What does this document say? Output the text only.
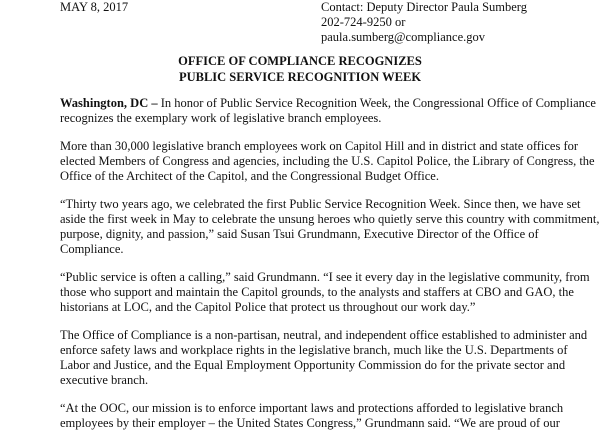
MAY 8, 2017	Contact: Deputy Director Paula Sumberg
202-724-9250 or
paula.sumberg@compliance.gov
OFFICE OF COMPLIANCE RECOGNIZES
PUBLIC SERVICE RECOGNITION WEEK

Washington, DC – In honor of Public Service Recognition Week, the Congressional Office of Compliance recognizes the exemplary work of legislative branch employees.

More than 30,000 legislative branch employees work on Capitol Hill and in district and state offices for elected Members of Congress and agencies, including the U.S. Capitol Police, the Library of Congress, the Office of the Architect of the Capitol, and the Congressional Budget Office.

“Thirty two years ago, we celebrated the first Public Service Recognition Week. Since then, we have set aside the first week in May to celebrate the unsung heroes who quietly serve this country with commitment, purpose, dignity, and passion,” said Susan Tsui Grundmann, Executive Director of the Office of Compliance.

“Public service is often a calling,” said Grundmann. “I see it every day in the legislative community, from those who support and maintain the Capitol grounds, to the analysts and staffers at CBO and GAO, the historians at LOC, and the Capitol Police that protect us throughout our work day.”

The Office of Compliance is a non-partisan, neutral, and independent office established to administer and enforce safety laws and workplace rights in the legislative branch, much like the U.S. Departments of Labor and Justice, and the Equal Employment Opportunity Commission do for the private sector and executive branch.

“At the OOC, our mission is to enforce important laws and protections afforded to legislative branch employees by their employer – the United States Congress,” Grundmann said. “We are proud of our
